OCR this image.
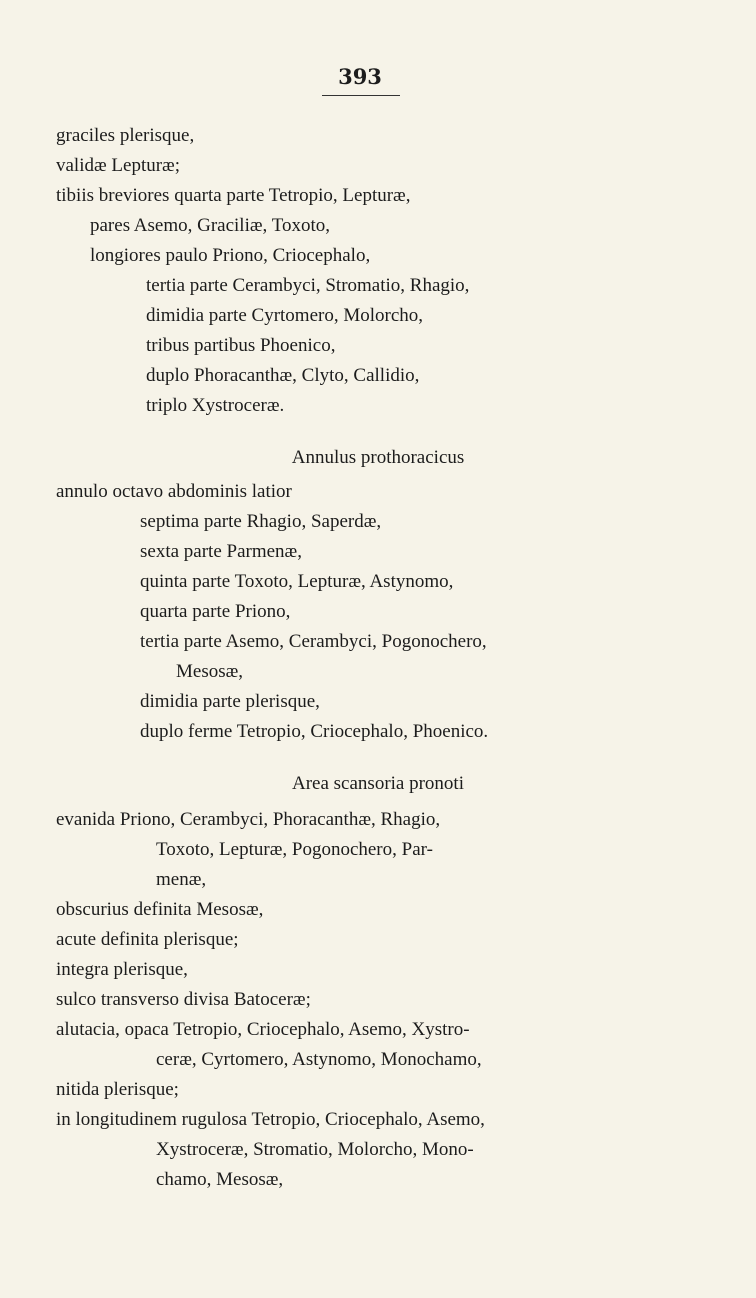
393
graciles plerisque,
validæ Lepturæ;
tibiis breviores quarta parte Tetropio, Lepturæ,
pares Asemo, Graciliæ, Toxoto,
longiores paulo Priono, Criocephalo,
tertia parte Cerambyci, Stromatio, Rhagio,
dimidia parte Cyrtomero, Molorcho,
tribus partibus Phoenico,
duplo Phoracanthæ, Clyto, Callidio,
triplo Xystroceræ.
Annulus prothoracicus
annulo octavo abdominis latior
septima parte Rhagio, Saperdæ,
sexta parte Parmenæ,
quinta parte Toxoto, Lepturæ, Astynomo,
quarta parte Priono,
tertia parte Asemo, Cerambyci, Pogonochero,
Mesosæ,
dimidia parte plerisque,
duplo ferme Tetropio, Criocephalo, Phoenico.
Area scansoria pronoti
evanida Priono, Cerambyci, Phoracanthæ, Rhagio,
Toxoto, Lepturæ, Pogonochero, Par-
menæ,
obscurius definita Mesosæ,
acute definita plerisque;
integra plerisque,
sulco transverso divisa Batoceræ;
alutacia, opaca Tetropio, Criocephalo, Asemo, Xystro-
ceræ, Cyrtomero, Astynomo, Monochamo,
nitida plerisque;
in longitudinem rugulosa Tetropio, Criocephalo, Asemo,
Xystroceræ, Stromatio, Molorcho, Mono-
chamo, Mesosæ,
